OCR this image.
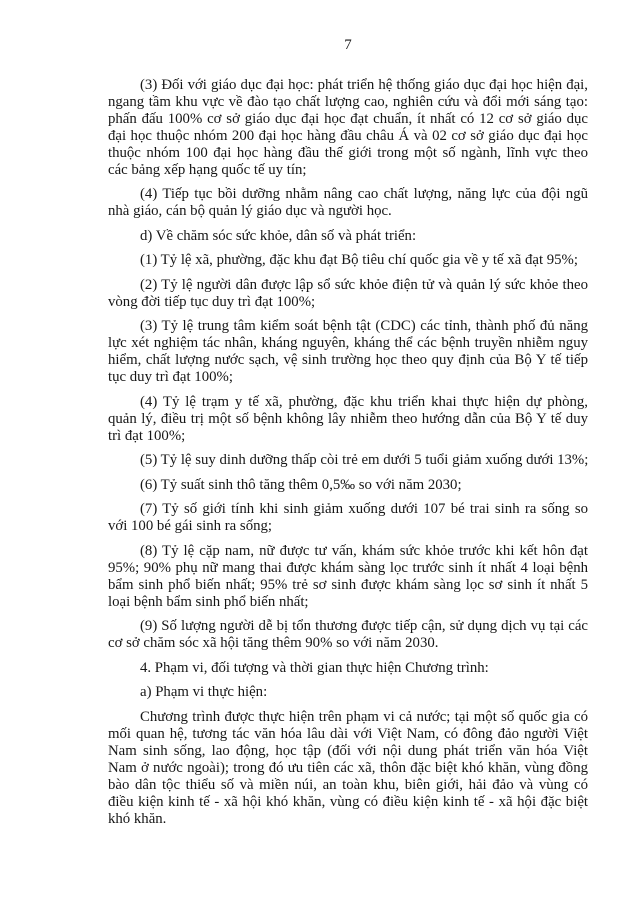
7
(3) Đối với giáo dục đại học: phát triển hệ thống giáo dục đại học hiện đại,
ngang tầm khu vực về đào tạo chất lượng cao, nghiên cứu và đổi mới sáng tạo:
phấn đấu 100% cơ sở giáo dục đại học đạt chuẩn, ít nhất có 12 cơ sở giáo dục
đại học thuộc nhóm 200 đại học hàng đầu châu Á và 02 cơ sở giáo dục đại học
thuộc nhóm 100 đại học hàng đầu thế giới trong một số ngành, lĩnh vực theo
các bảng xếp hạng quốc tế uy tín;
(4) Tiếp tục bồi dưỡng nhằm nâng cao chất lượng, năng lực của đội ngũ
nhà giáo, cán bộ quản lý giáo dục và người học.
d) Về chăm sóc sức khỏe, dân số và phát triển:
(1) Tỷ lệ xã, phường, đặc khu đạt Bộ tiêu chí quốc gia về y tế xã đạt 95%;
(2) Tỷ lệ người dân được lập sổ sức khỏe điện tử và quản lý sức khỏe theo
vòng đời tiếp tục duy trì đạt 100%;
(3) Tỷ lệ trung tâm kiểm soát bệnh tật (CDC) các tỉnh, thành phố đủ năng
lực xét nghiệm tác nhân, kháng nguyên, kháng thể các bệnh truyền nhiễm nguy
hiểm, chất lượng nước sạch, vệ sinh trường học theo quy định của Bộ Y tế tiếp
tục duy trì đạt 100%;
(4) Tỷ lệ trạm y tế xã, phường, đặc khu triển khai thực hiện dự phòng,
quản lý, điều trị một số bệnh không lây nhiễm theo hướng dẫn của Bộ Y tế duy
trì đạt 100%;
(5) Tỷ lệ suy dinh dưỡng thấp còi trẻ em dưới 5 tuổi giảm xuống dưới 13%;
(6) Tỷ suất sinh thô tăng thêm 0,5‰ so với năm 2030;
(7) Tỷ số giới tính khi sinh giảm xuống dưới 107 bé trai sinh ra sống so
với 100 bé gái sinh ra sống;
(8) Tỷ lệ cặp nam, nữ được tư vấn, khám sức khỏe trước khi kết hôn đạt
95%; 90% phụ nữ mang thai được khám sàng lọc trước sinh ít nhất 4 loại bệnh
bẩm sinh phổ biến nhất; 95% trẻ sơ sinh được khám sàng lọc sơ sinh ít nhất 5
loại bệnh bẩm sinh phổ biến nhất;
(9) Số lượng người dễ bị tổn thương được tiếp cận, sử dụng dịch vụ tại các
cơ sở chăm sóc xã hội tăng thêm 90% so với năm 2030.
4. Phạm vi, đối tượng và thời gian thực hiện Chương trình:
a) Phạm vi thực hiện:
Chương trình được thực hiện trên phạm vi cả nước; tại một số quốc gia có
mối quan hệ, tương tác văn hóa lâu dài với Việt Nam, có đông đảo người Việt
Nam sinh sống, lao động, học tập (đối với nội dung phát triển văn hóa Việt
Nam ở nước ngoài); trong đó ưu tiên các xã, thôn đặc biệt khó khăn, vùng đồng
bào dân tộc thiểu số và miền núi, an toàn khu, biên giới, hải đảo và vùng có
điều kiện kinh tế - xã hội khó khăn, vùng có điều kiện kinh tế - xã hội đặc biệt
khó khăn.
